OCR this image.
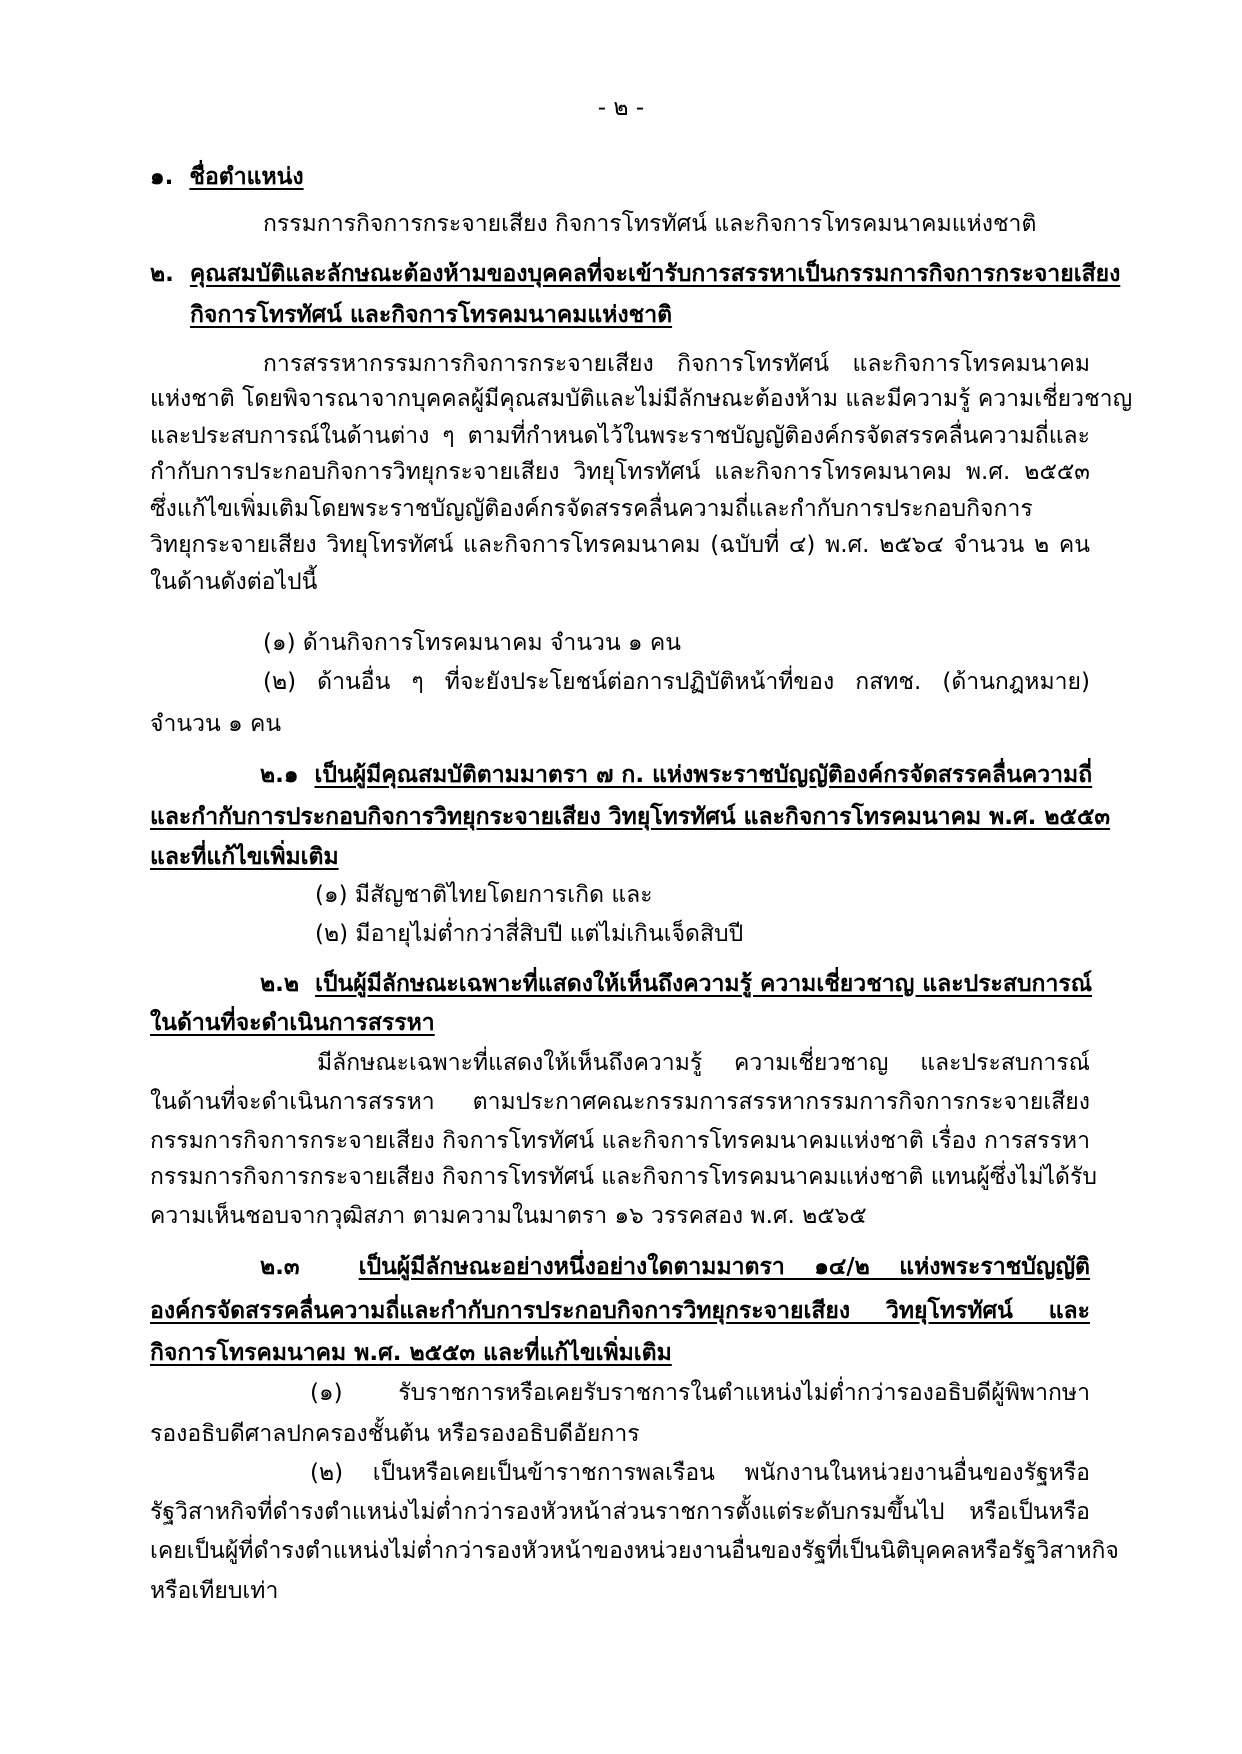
- ๒ -
๑. ชื่อตำแหน่ง
กรรมการกิจการกระจายเสียง กิจการโทรทัศน์ และกิจการโทรคมนาคมแห่งชาติ
๒. คุณสมบัติและลักษณะต้องห้ามของบุคคลที่จะเข้ารับการสรรหาเป็นกรรมการกิจการกระจายเสียง
กิจการโทรทัศน์ และกิจการโทรคมนาคมแห่งชาติ
การสรรหากรรมการกิจการกระจายเสียง กิจการโทรทัศน์ และกิจการโทรคมนาคม
แห่งชาติ โดยพิจารณาจากบุคคลผู้มีคุณสมบัติและไม่มีลักษณะต้องห้าม และมีความรู้ ความเชี่ยวชาญ
และประสบการณ์ในด้านต่าง ๆ ตามที่กำหนดไว้ในพระราชบัญญัติองค์กรจัดสรรคลื่นความถี่และ
กำกับการประกอบกิจการวิทยุกระจายเสียง วิทยุโทรทัศน์ และกิจการโทรคมนาคม พ.ศ. ๒๕๕๓
ซึ่งแก้ไขเพิ่มเติมโดยพระราชบัญญัติองค์กรจัดสรรคลื่นความถี่และกำกับการประกอบกิจการ
วิทยุกระจายเสียง วิทยุโทรทัศน์ และกิจการโทรคมนาคม (ฉบับที่ ๔) พ.ศ. ๒๕๖๔ จำนวน ๒ คน
ในด้านดังต่อไปนี้
(๑) ด้านกิจการโทรคมนาคม จำนวน ๑ คน
(๒) ด้านอื่น ๆ ที่จะยังประโยชน์ต่อการปฏิบัติหน้าที่ของ กสทช. (ด้านกฎหมาย)
จำนวน ๑ คน
๒.๑ เป็นผู้มีคุณสมบัติตามมาตรา ๗ ก. แห่งพระราชบัญญัติองค์กรจัดสรรคลื่นความถี่
และกำกับการประกอบกิจการวิทยุกระจายเสียง วิทยุโทรทัศน์ และกิจการโทรคมนาคม พ.ศ. ๒๕๕๓
และที่แก้ไขเพิ่มเติม
(๑) มีสัญชาติไทยโดยการเกิด และ
(๒) มีอายุไม่ต่ำกว่าสี่สิบปี แต่ไม่เกินเจ็ดสิบปี
๒.๒ เป็นผู้มีลักษณะเฉพาะที่แสดงให้เห็นถึงความรู้ ความเชี่ยวชาญ และประสบการณ์
ในด้านที่จะดำเนินการสรรหา
มีลักษณะเฉพาะที่แสดงให้เห็นถึงความรู้ ความเชี่ยวชาญ และประสบการณ์
ในด้านที่จะดำเนินการสรรหา ตามประกาศคณะกรรมการสรรหากรรมการกิจการกระจายเสียง
กรรมการกิจการกระจายเสียง กิจการโทรทัศน์ และกิจการโทรคมนาคมแห่งชาติ เรื่อง การสรรหา
กรรมการกิจการกระจายเสียง กิจการโทรทัศน์ และกิจการโทรคมนาคมแห่งชาติ แทนผู้ซึ่งไม่ได้รับ
ความเห็นชอบจากวุฒิสภา ตามความในมาตรา ๑๖ วรรคสอง พ.ศ. ๒๕๖๕
๒.๓	เป็นผู้มีลักษณะอย่างหนึ่งอย่างใดตามมาตรา ๑๔/๒ แห่งพระราชบัญญัติ
องค์กรจัดสรรคลื่นความถี่และกำกับการประกอบกิจการวิทยุกระจายเสียง วิทยุโทรทัศน์ และ
กิจการโทรคมนาคม พ.ศ. ๒๕๕๓ และที่แก้ไขเพิ่มเติม
(๑) รับราชการหรือเคยรับราชการในตำแหน่งไม่ต่ำกว่ารองอธิบดีผู้พิพากษา
รองอธิบดีศาลปกครองชั้นต้น หรือรองอธิบดีอัยการ
(๒) เป็นหรือเคยเป็นข้าราชการพลเรือน พนักงานในหน่วยงานอื่นของรัฐหรือ
รัฐวิสาหกิจที่ดำรงตำแหน่งไม่ต่ำกว่ารองหัวหน้าส่วนราชการตั้งแต่ระดับกรมขึ้นไป หรือเป็นหรือ
เคยเป็นผู้ที่ดำรงตำแหน่งไม่ต่ำกว่ารองหัวหน้าของหน่วยงานอื่นของรัฐที่เป็นนิติบุคคลหรือรัฐวิสาหกิจ
หรือเทียบเท่า
